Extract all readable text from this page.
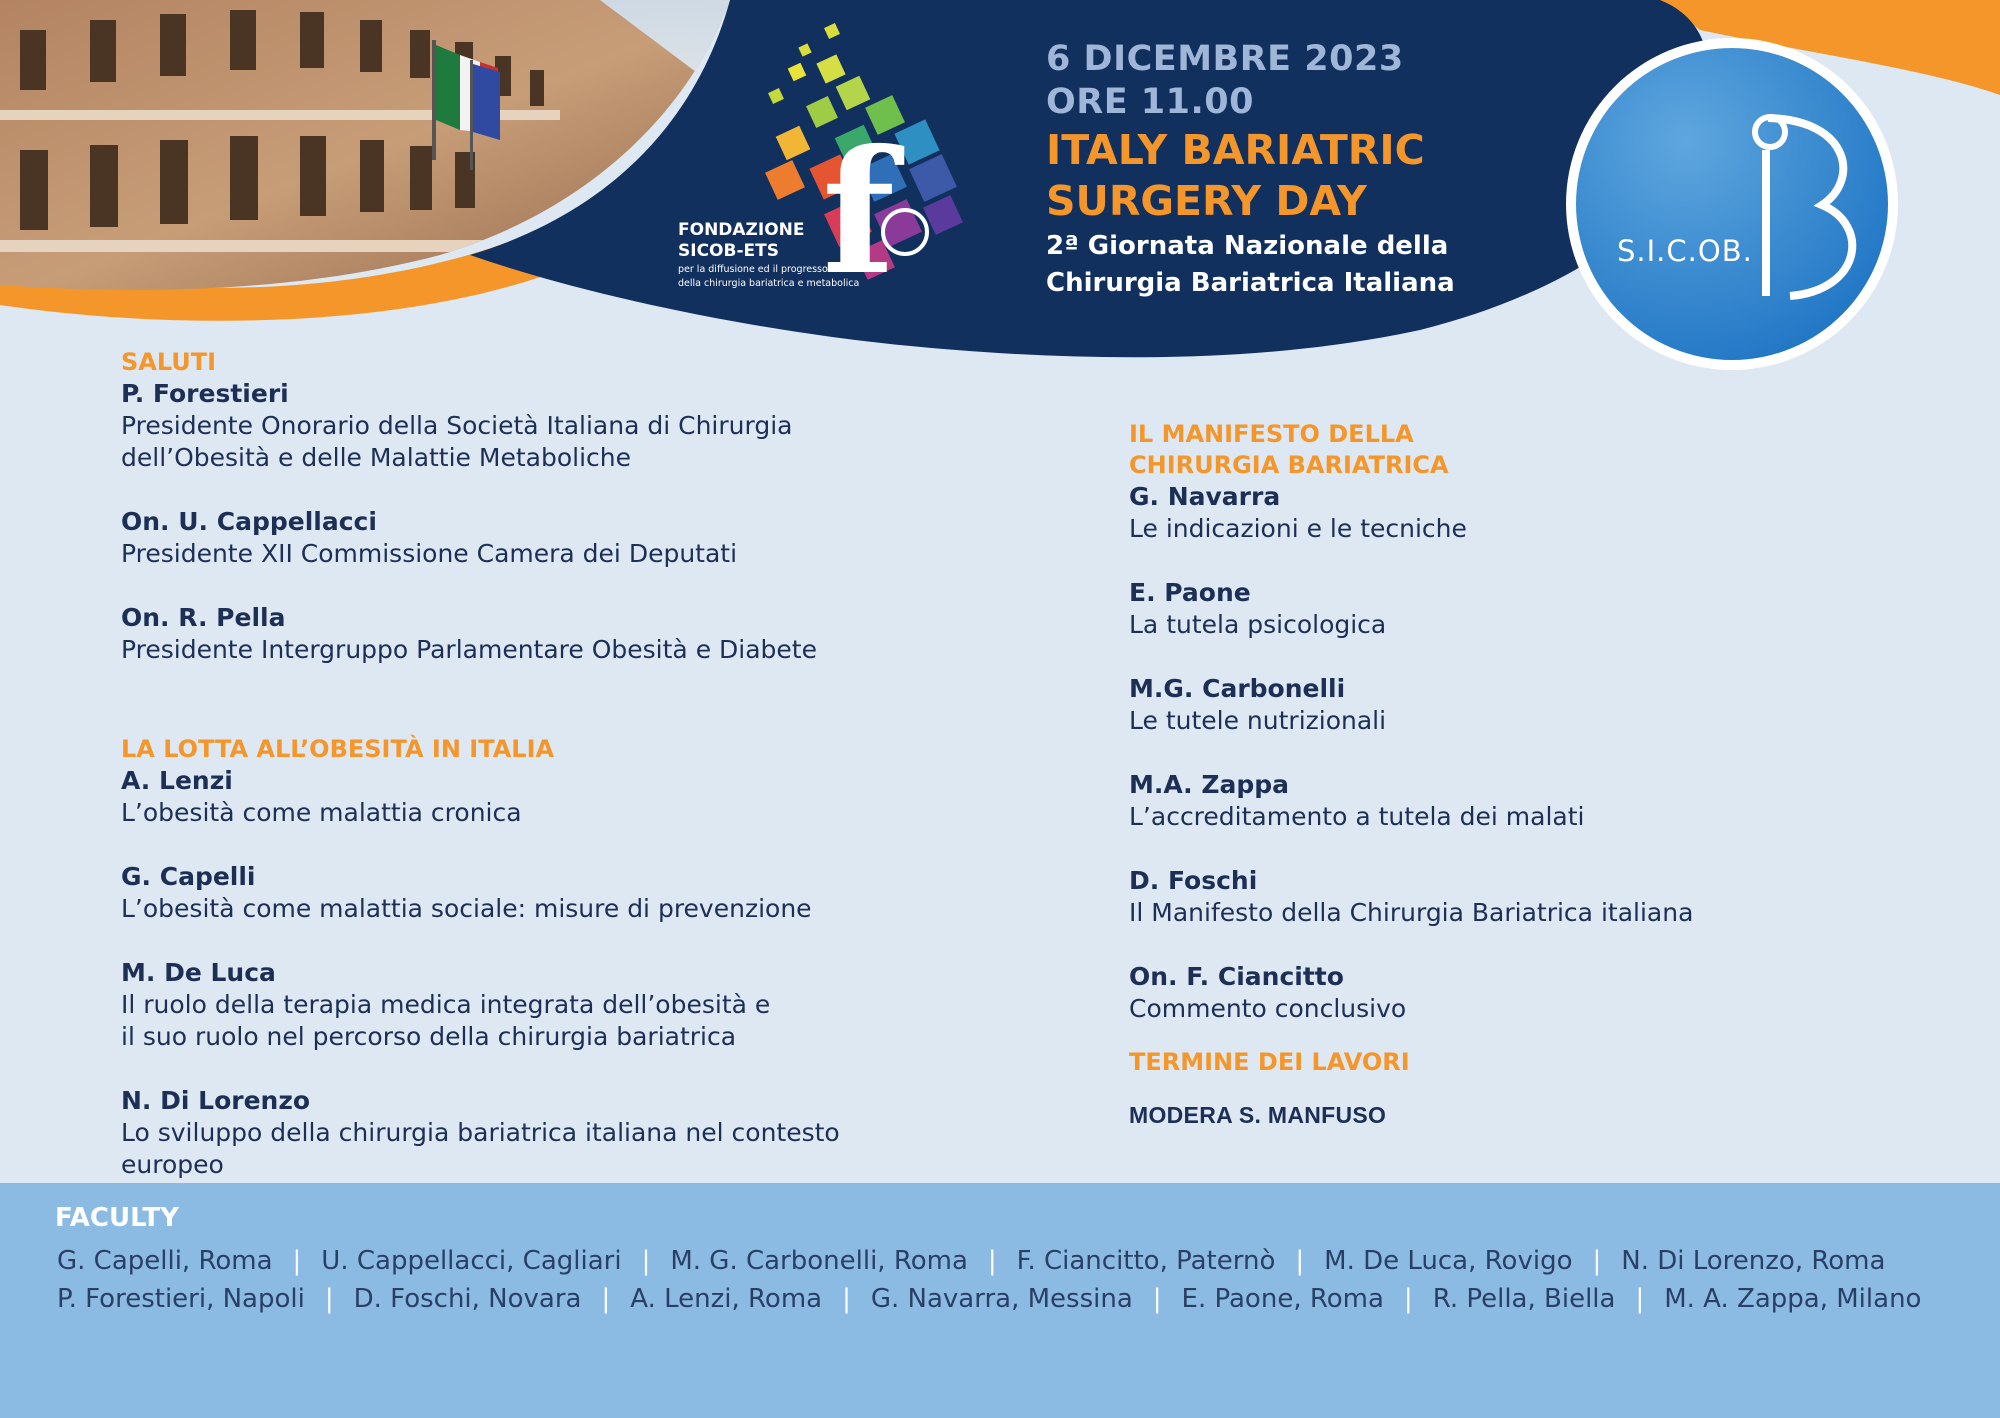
f
6 DICEMBRE 2023
ORE 11.00
ITALY BARIATRIC
SURGERY DAY
2ª Giornata Nazionale della
Chirurgia Bariatrica Italiana
FONDAZIONE
SICOB-ETS
per la diffusione ed il progresso
della chirurgia bariatrica e metabolica
S.I.C.OB.
SALUTI
P. Forestieri
Presidente Onorario della Società Italiana di Chirurgia
dell’Obesità e delle Malattie Metaboliche
On. U. Cappellacci
Presidente XII Commissione Camera dei Deputati
On. R. Pella
Presidente Intergruppo Parlamentare Obesità e Diabete
LA LOTTA ALL’OBESITÀ IN ITALIA
A. Lenzi
L’obesità come malattia cronica
G. Capelli
L’obesità come malattia sociale: misure di prevenzione
M. De Luca
Il ruolo della terapia medica integrata dell’obesità e
il suo ruolo nel percorso della chirurgia bariatrica
N. Di Lorenzo
Lo sviluppo della chirurgia bariatrica italiana nel contesto
europeo
IL MANIFESTO DELLA
CHIRURGIA BARIATRICA
G. Navarra
Le indicazioni e le tecniche
E. Paone
La tutela psicologica
M.G. Carbonelli
Le tutele nutrizionali
M.A. Zappa
L’accreditamento a tutela dei malati
D. Foschi
Il Manifesto della Chirurgia Bariatrica italiana
On. F. Ciancitto
Commento conclusivo
TERMINE DEI LAVORI
MODERA S. MANFUSO
FACULTY
G. Capelli, Roma | U. Cappellacci, Cagliari | M. G. Carbonelli, Roma | F. Ciancitto, Paternò | M. De Luca, Rovigo | N. Di Lorenzo, Roma
P. Forestieri, Napoli | D. Foschi, Novara | A. Lenzi, Roma | G. Navarra, Messina | E. Paone, Roma | R. Pella, Biella | M. A. Zappa, Milano
